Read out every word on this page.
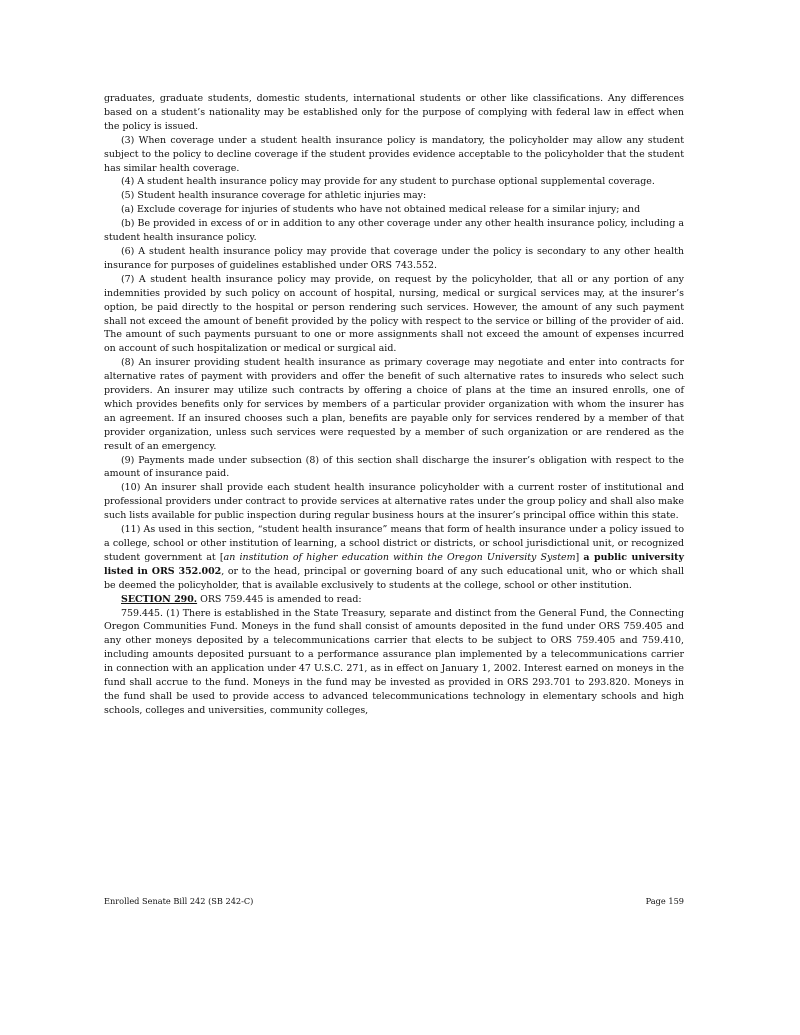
graduates, graduate students, domestic students, international students or other like classifications. Any differences based on a student’s nationality may be established only for the purpose of complying with federal law in effect when the policy is issued.

(3) When coverage under a student health insurance policy is mandatory, the policyholder may allow any student subject to the policy to decline coverage if the student provides evidence acceptable to the policyholder that the student has similar health coverage.

(4) A student health insurance policy may provide for any student to purchase optional supplemental coverage.

(5) Student health insurance coverage for athletic injuries may:

(a) Exclude coverage for injuries of students who have not obtained medical release for a similar injury; and

(b) Be provided in excess of or in addition to any other coverage under any other health insurance policy, including a student health insurance policy.

(6) A student health insurance policy may provide that coverage under the policy is secondary to any other health insurance for purposes of guidelines established under ORS 743.552.

(7) A student health insurance policy may provide, on request by the policyholder, that all or any portion of any indemnities provided by such policy on account of hospital, nursing, medical or surgical services may, at the insurer’s option, be paid directly to the hospital or person rendering such services. However, the amount of any such payment shall not exceed the amount of benefit provided by the policy with respect to the service or billing of the provider of aid. The amount of such payments pursuant to one or more assignments shall not exceed the amount of expenses incurred on account of such hospitalization or medical or surgical aid.

(8) An insurer providing student health insurance as primary coverage may negotiate and enter into contracts for alternative rates of payment with providers and offer the benefit of such alternative rates to insureds who select such providers. An insurer may utilize such contracts by offering a choice of plans at the time an insured enrolls, one of which provides benefits only for services by members of a particular provider organization with whom the insurer has an agreement. If an insured chooses such a plan, benefits are payable only for services rendered by a member of that provider organization, unless such services were requested by a member of such organization or are rendered as the result of an emergency.

(9) Payments made under subsection (8) of this section shall discharge the insurer’s obligation with respect to the amount of insurance paid.

(10) An insurer shall provide each student health insurance policyholder with a current roster of institutional and professional providers under contract to provide services at alternative rates under the group policy and shall also make such lists available for public inspection during regular business hours at the insurer’s principal office within this state.

(11) As used in this section, “student health insurance” means that form of health insurance under a policy issued to a college, school or other institution of learning, a school district or districts, or school jurisdictional unit, or recognized student government at [an institution of higher education within the Oregon University System] a public university listed in ORS 352.002, or to the head, principal or governing board of any such educational unit, who or which shall be deemed the policyholder, that is available exclusively to students at the college, school or other institution.

SECTION 290. ORS 759.445 is amended to read:

759.445. (1) There is established in the State Treasury, separate and distinct from the General Fund, the Connecting Oregon Communities Fund. Moneys in the fund shall consist of amounts deposited in the fund under ORS 759.405 and any other moneys deposited by a telecommunications carrier that elects to be subject to ORS 759.405 and 759.410, including amounts deposited pursuant to a performance assurance plan implemented by a telecommunications carrier in connection with an application under 47 U.S.C. 271, as in effect on January 1, 2002. Interest earned on moneys in the fund shall accrue to the fund. Moneys in the fund may be invested as provided in ORS 293.701 to 293.820. Moneys in the fund shall be used to provide access to advanced telecommunications technology in elementary schools and high schools, colleges and universities, community colleges,

Enrolled Senate Bill 242 (SB 242-C)	Page 159
